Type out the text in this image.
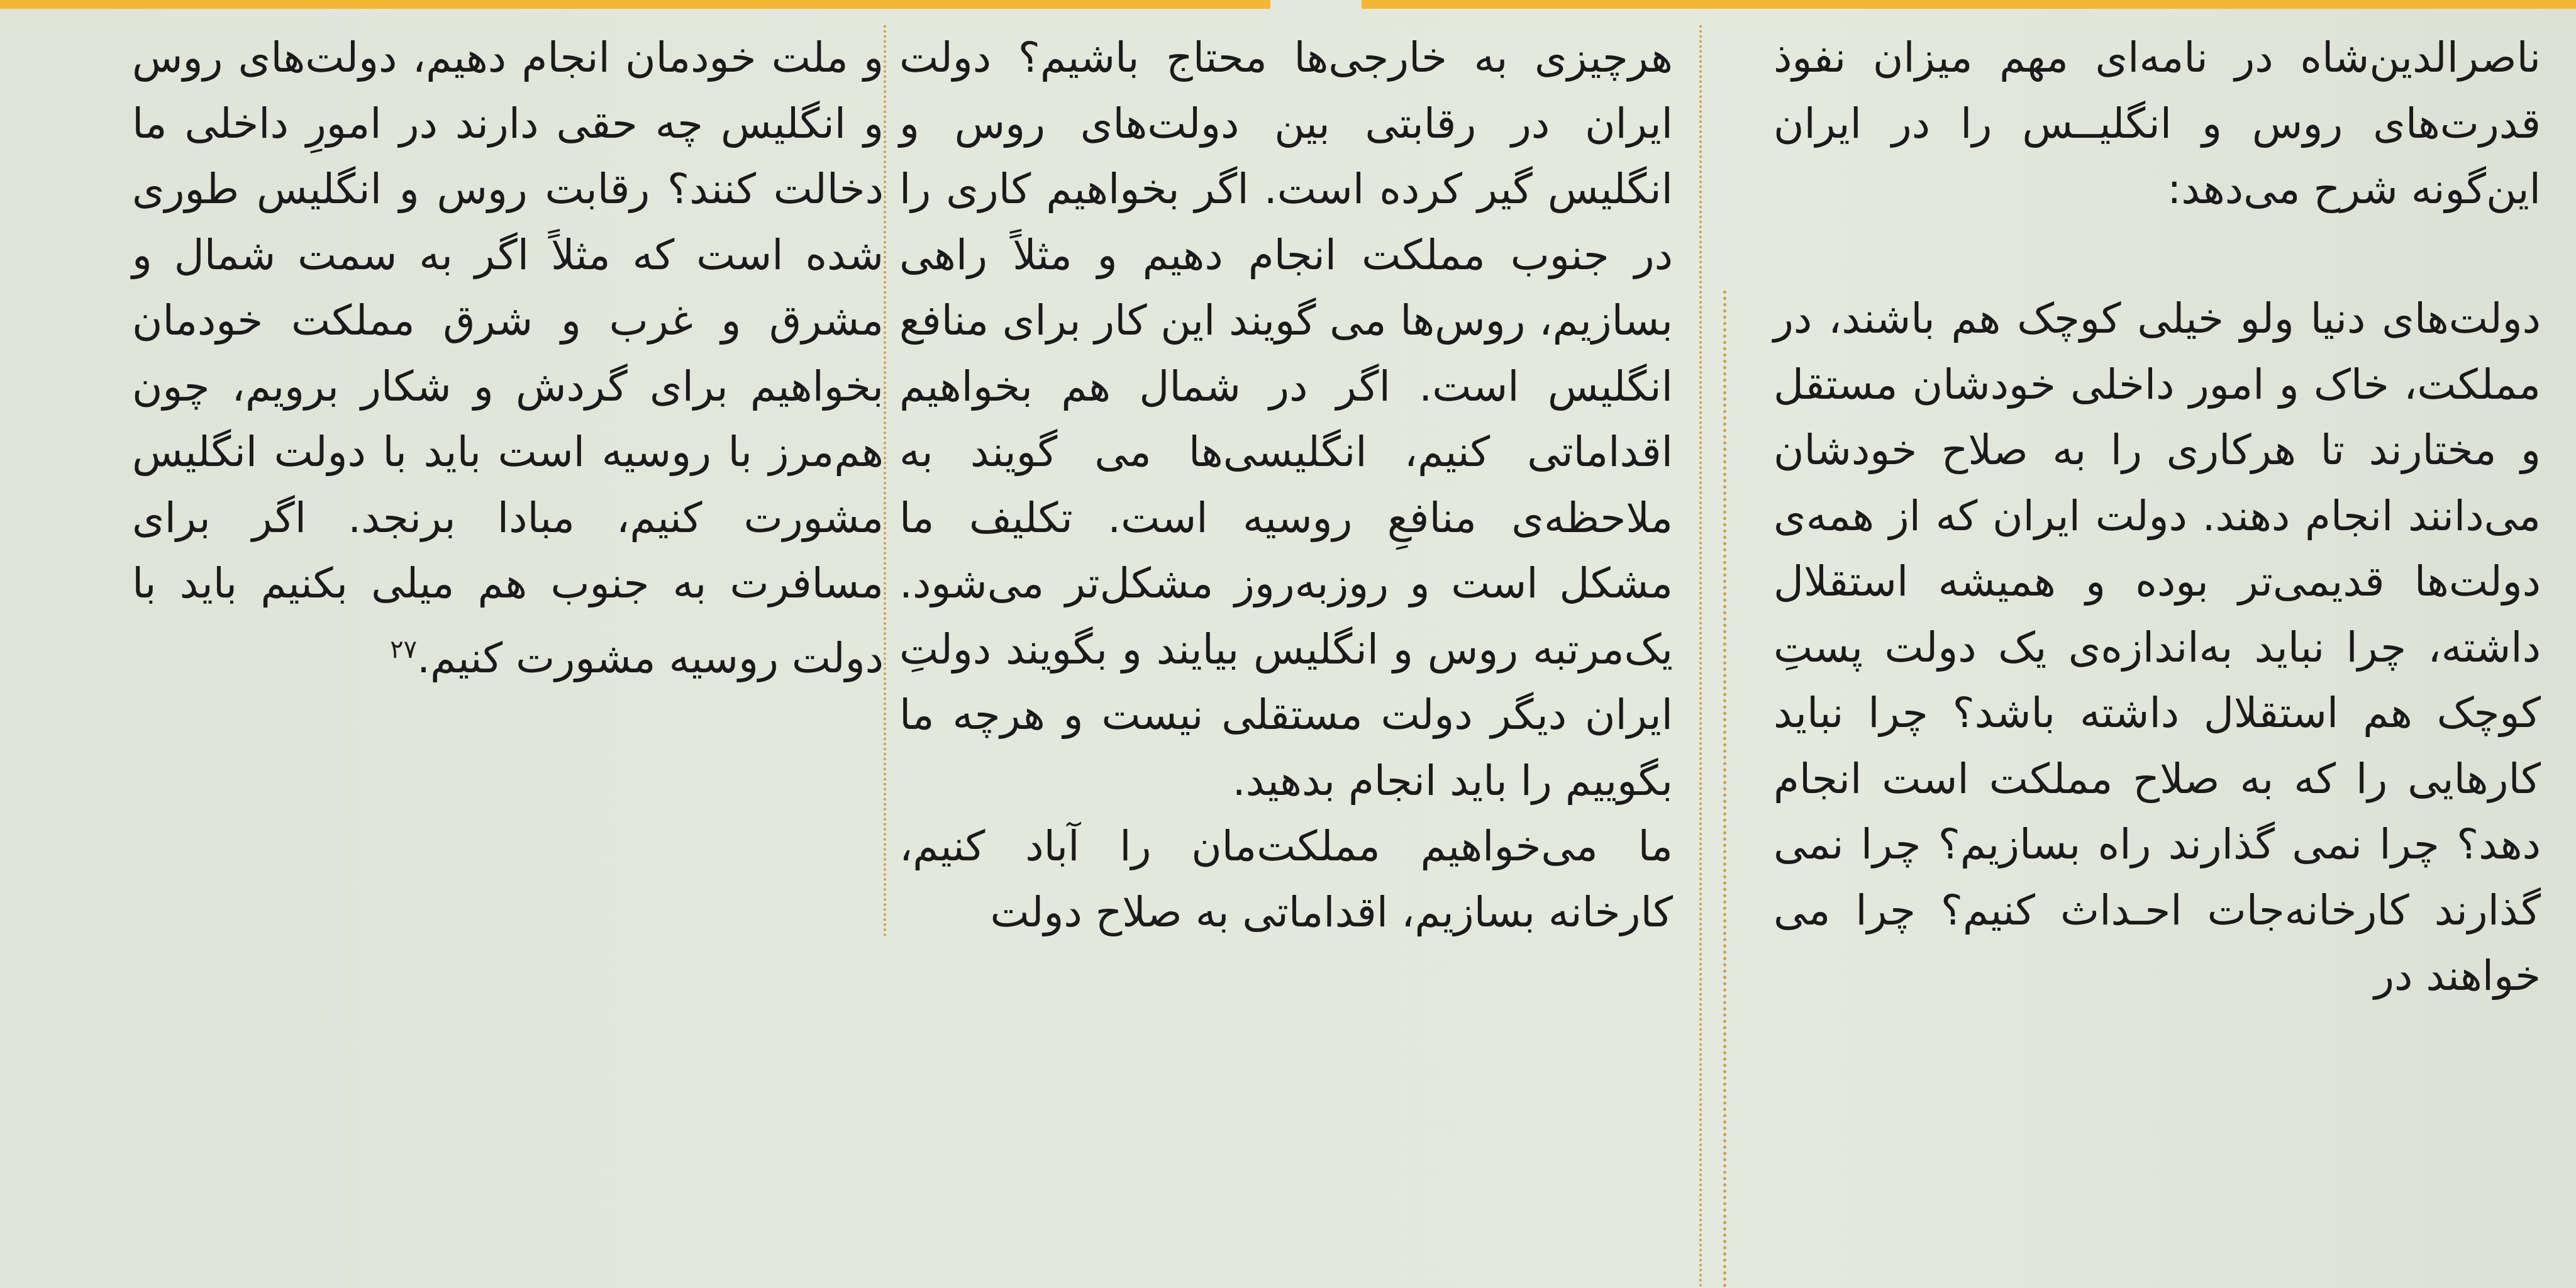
ناصرالدین‌شاه در نامه‌ای مهم میزان نفوذ قدرت‌های روس و انگلیــس را در ایران این‌گونه شرح می‌دهد:

دولت‌های دنیا ولو خیلی کوچک هم باشند، در مملکت، خاک و امور داخلی خودشان مستقل و مختارند تا هرکاری را به صلاح خودشان می‌دانند انجام دهند. دولت ایران که از همه‌ی دولت‌ها قدیمی‌تر بوده و همیشه استقلال داشته، چرا نباید به‌اندازه‌ی یک دولت پستِ کوچک هم استقلال داشته باشد؟ چرا نباید کارهایی را که به صلاح مملکت است انجام دهد؟ چرا نمی گذارند راه بسازیم؟ چرا نمی گذارند کارخانه‌جات احـداث کنیم؟ چرا می خواهند در

هرچیزی به خارجی‌ها محتاج باشیم؟ دولت ایران در رقابتی بین دولت‌های روس و انگلیس گیر کرده است. اگر بخواهیم کاری را در جنوب مملکت انجام دهیم و مثلاً راهی بسازیم، روس‌ها می گویند این کار برای منافع انگلیس است. اگر در شمال هم بخواهیم اقداماتی کنیم، انگلیسی‌ها می گویند به ملاحظه‌ی منافعِ روسیه است. تکلیف ما مشکل است و روزبه‌روز مشکل‌تر می‌شود. یک‌مرتبه روس و انگلیس بیایند و بگویند دولتِ ایران دیگر دولت مستقلی نیست و هرچه ما بگوییم را باید انجام بدهید.

ما می‌خواهیم مملکت‌مان را آباد کنیم، کارخانه بسازیم، اقداماتی به صلاح دولت

و ملت خودمان انجام دهیم، دولت‌های روس و انگلیس چه حقی دارند در امورِ داخلی ما دخالت کنند؟ رقابت روس و انگلیس طوری شده است که مثلاً اگر به سمت شمال و مشرق و غرب و شرق مملکت خودمان بخواهیم برای گردش و شکار برویم، چون هم‌مرز با روسیه است باید با دولت انگلیس مشورت کنیم، مبادا برنجد. اگر برای مسافرت به جنوب هم میلی بکنیم باید با دولت روسیه مشورت کنیم.$^{۲۷}$
